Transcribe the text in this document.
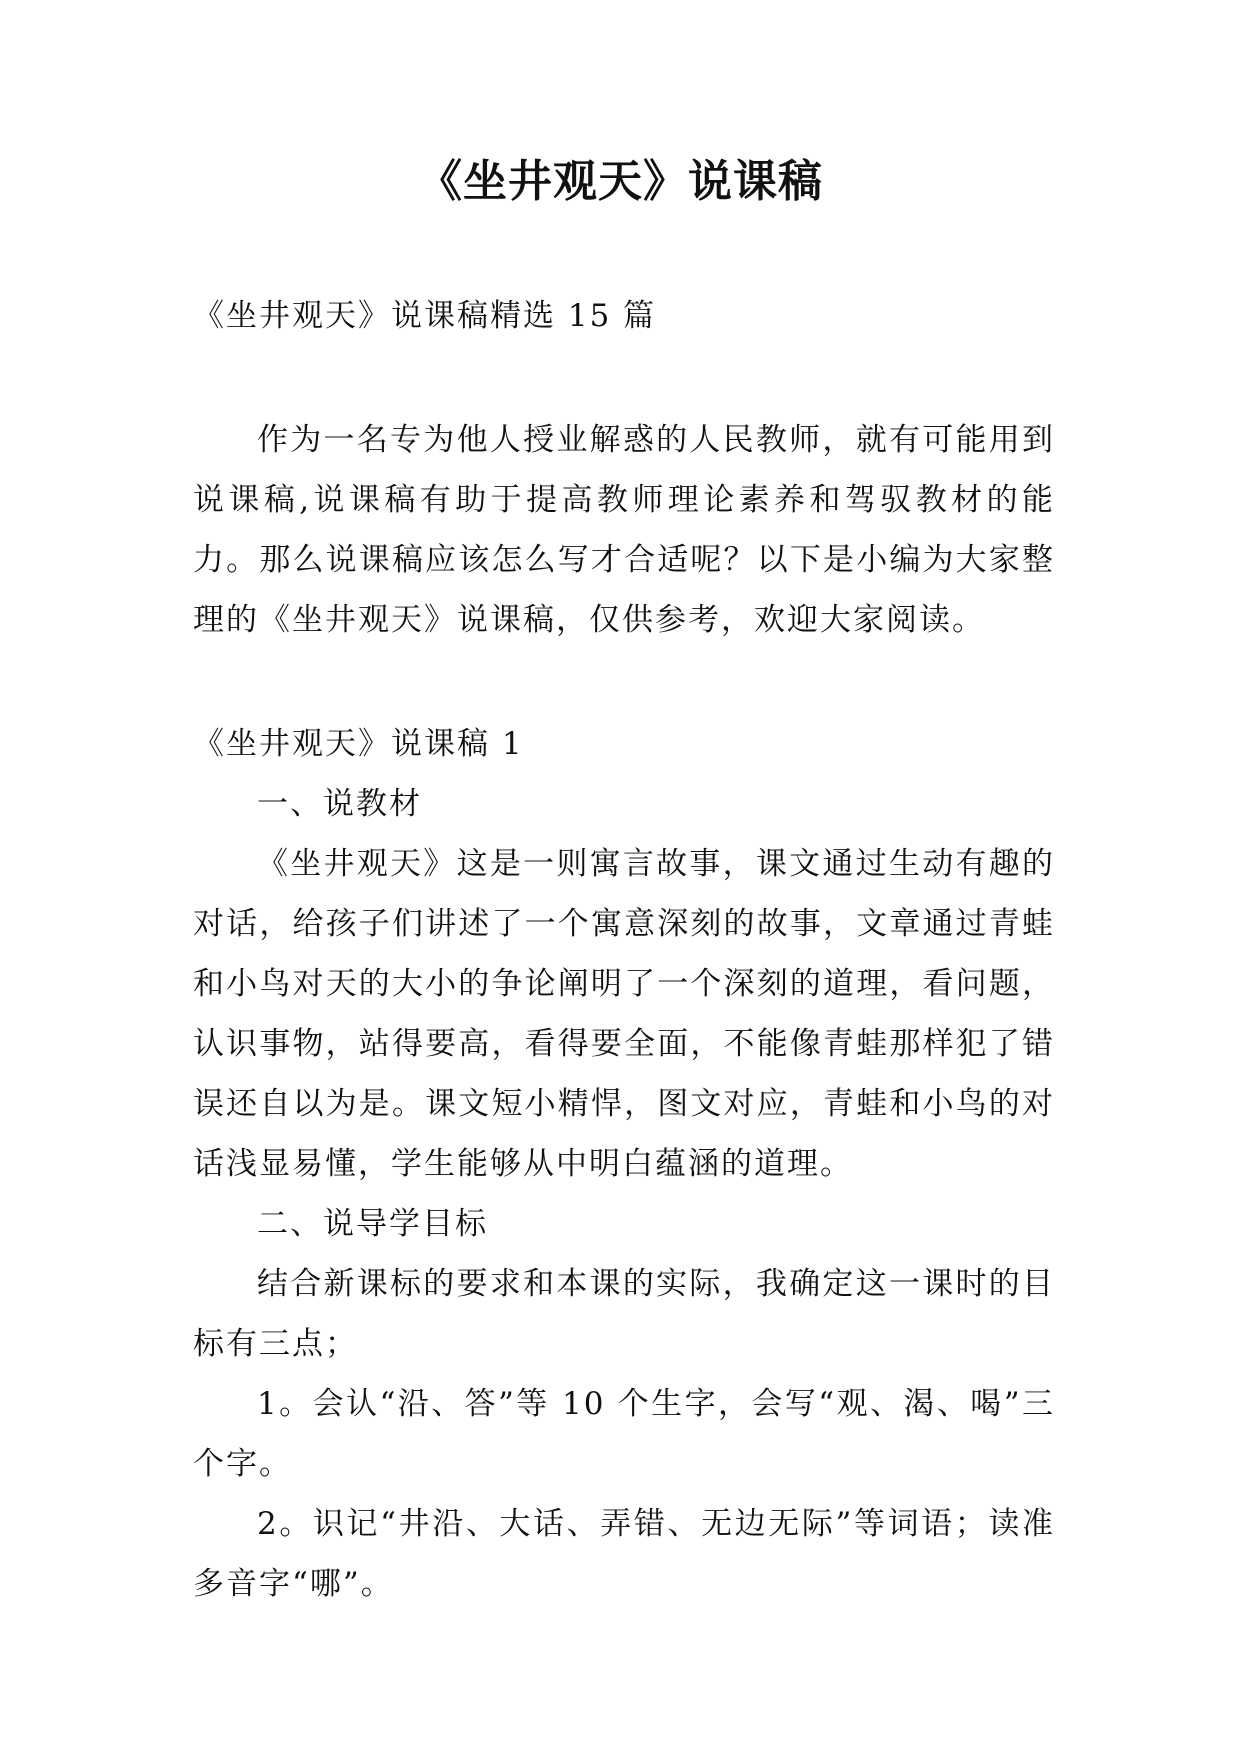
《坐井观天》说课稿

《坐井观天》说课稿精选 15 篇

作为一名专为他人授业解惑的人民教师，就有可能用到说课稿,说课稿有助于提高教师理论素养和驾驭教材的能力。那么说课稿应该怎么写才合适呢？以下是小编为大家整理的《坐井观天》说课稿，仅供参考，欢迎大家阅读。

《坐井观天》说课稿 1

一、说教材

《坐井观天》这是一则寓言故事，课文通过生动有趣的对话，给孩子们讲述了一个寓意深刻的故事，文章通过青蛙和小鸟对天的大小的争论阐明了一个深刻的道理，看问题，认识事物，站得要高，看得要全面，不能像青蛙那样犯了错误还自以为是。课文短小精悍，图文对应，青蛙和小鸟的对话浅显易懂，学生能够从中明白蕴涵的道理。

二、说导学目标

结合新课标的要求和本课的实际，我确定这一课时的目标有三点；

1。会认“沿、答”等 10 个生字，会写“观、渴、喝”三个字。

2。识记“井沿、大话、弄错、无边无际”等词语；读准多音字“哪”。
